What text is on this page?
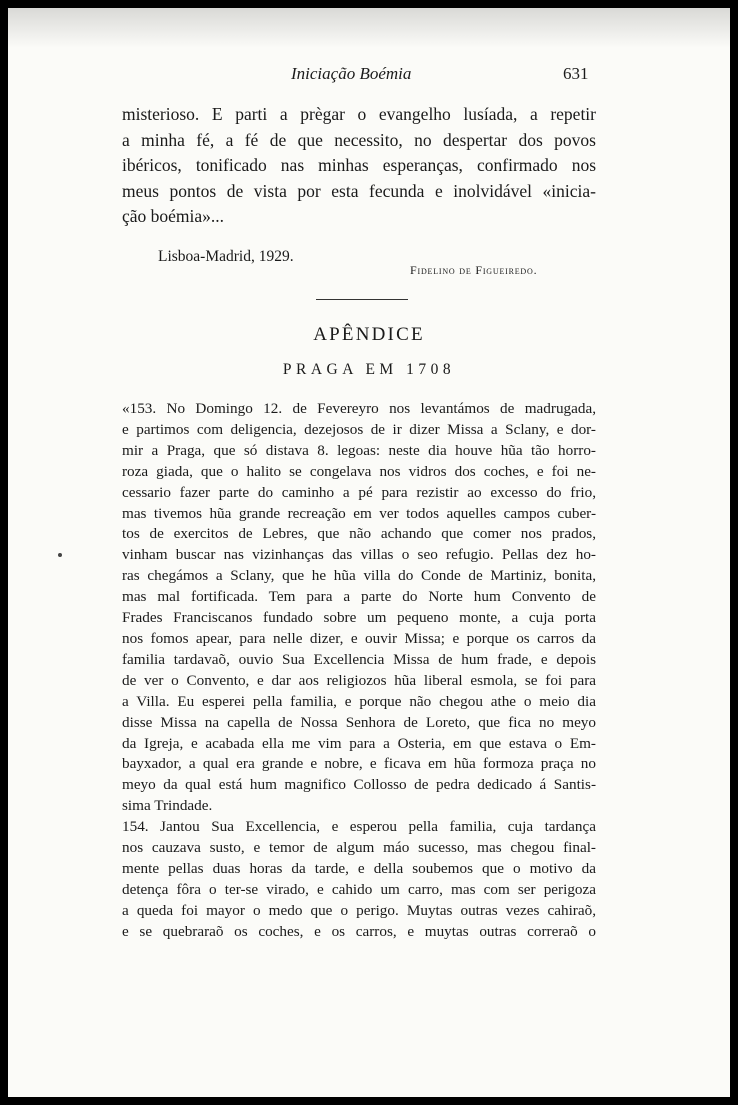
Iniciação Boémia	631
misterioso. E parti a prègar o evangelho lusíada, a repetir
a minha fé, a fé de que necessito, no despertar dos povos
ibéricos, tonificado nas minhas esperanças, confirmado nos
meus pontos de vista por esta fecunda e inolvidável «inicia-
ção boémia»...
Lisboa-Madrid, 1929.
Fidelino de Figueiredo.
APÊNDICE
PRAGA EM 1708
«153. No Domingo 12. de Fevereyro nos levantámos de madrugada,
e partimos com deligencia, dezejosos de ir dizer Missa a Sclany, e dor-
mir a Praga, que só distava 8. legoas: neste dia houve hũa tão horro-
roza giada, que o halito se congelava nos vidros dos coches, e foi ne-
cessario fazer parte do caminho a pé para rezistir ao excesso do frio,
mas tivemos hũa grande recreação em ver todos aquelles campos cuber-
tos de exercitos de Lebres, que não achando que comer nos prados,
vinham buscar nas vizinhanças das villas o seo refugio. Pellas dez ho-
ras chegámos a Sclany, que he hũa villa do Conde de Martiniz, bonita,
mas mal fortificada. Tem para a parte do Norte hum Convento de
Frades Franciscanos fundado sobre um pequeno monte, a cuja porta
nos fomos apear, para nelle dizer, e ouvir Missa; e porque os carros da
familia tardavaõ, ouvio Sua Excellencia Missa de hum frade, e depois
de ver o Convento, e dar aos religiozos hũa liberal esmola, se foi para
a Villa. Eu esperei pella familia, e porque não chegou athe o meio dia
disse Missa na capella de Nossa Senhora de Loreto, que fica no meyo
da Igreja, e acabada ella me vim para a Osteria, em que estava o Em-
bayxador, a qual era grande e nobre, e ficava em hũa formoza praça no
meyo da qual está hum magnifico Collosso de pedra dedicado á Santis-
sima Trindade.
154. Jantou Sua Excellencia, e esperou pella familia, cuja tardança
nos cauzava susto, e temor de algum máo sucesso, mas chegou final-
mente pellas duas horas da tarde, e della soubemos que o motivo da
detença fôra o ter-se virado, e cahido um carro, mas com ser perigoza
a queda foi mayor o medo que o perigo. Muytas outras vezes cahiraõ,
e se quebraraõ os coches, e os carros, e muytas outras correraõ o
